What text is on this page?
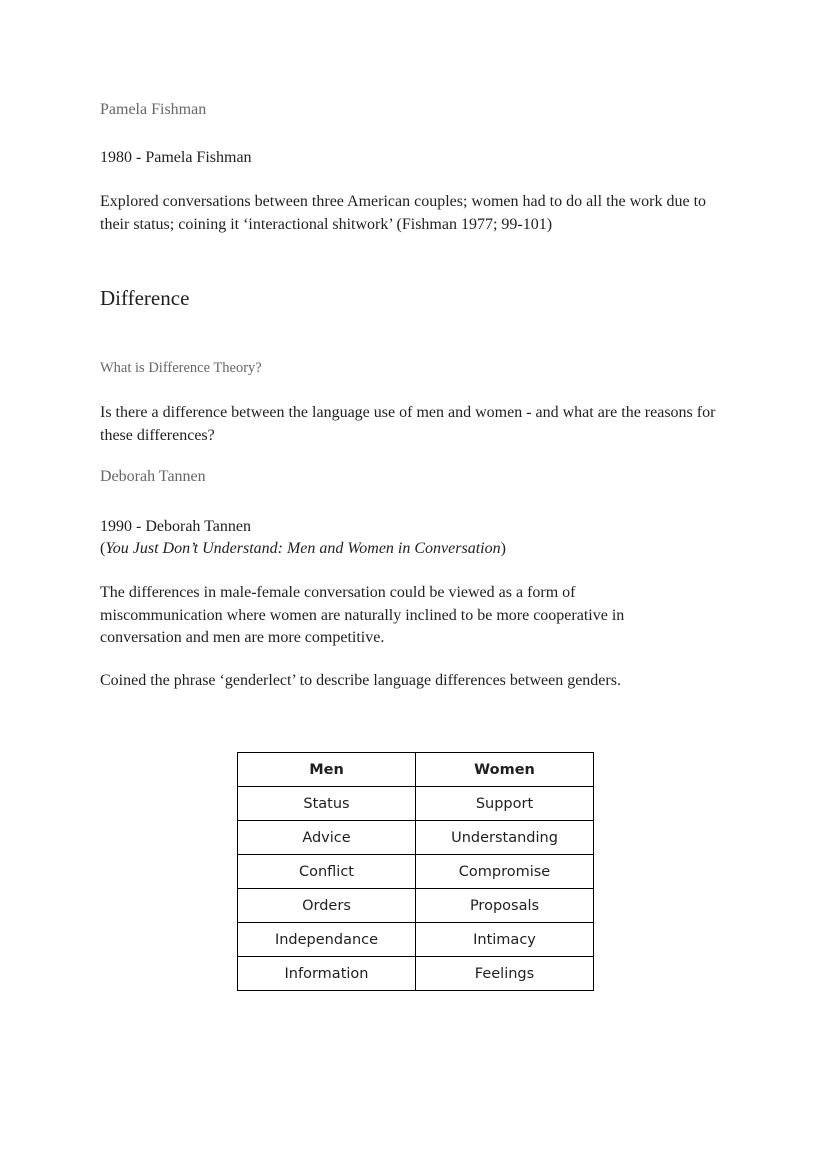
Pamela Fishman

1980 - Pamela Fishman

Explored conversations between three American couples; women had to do all the work due to their status; coining it ‘interactional shitwork’ (Fishman 1977; 99-101)

Difference

What is Difference Theory?

Is there a difference between the language use of men and women - and what are the reasons for these differences?

Deborah Tannen

1990 - Deborah Tannen

(You Just Don’t Understand: Men and Women in Conversation)

The differences in male-female conversation could be viewed as a form of miscommunication where women are naturally inclined to be more cooperative in conversation and men are more competitive.

Coined the phrase ‘genderlect’ to describe language differences between genders.

Men	Women
Status	Support
Advice	Understanding
Conflict	Compromise
Orders	Proposals
Independance	Intimacy
Information	Feelings
